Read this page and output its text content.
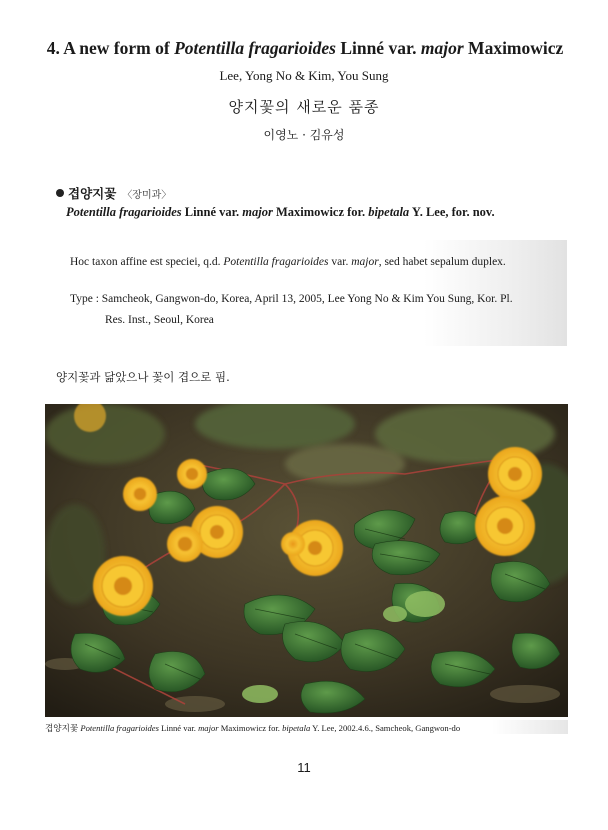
4. A new form of Potentilla fragarioides Linné var. major Maximowicz
Lee, Yong No & Kim, You Sung
양지꽃의 새로운 품종
이영노 · 김유성
겹양지꽃 〈장미과〉
Potentilla fragarioides Linné var. major Maximowicz for. bipetala Y. Lee, for. nov.
Hoc taxon affine est speciei, q.d. Potentilla fragarioides var. major, sed habet sepalum duplex.
Type : Samcheok, Gangwon-do, Korea, April 13, 2005, Lee Yong No & Kim You Sung, Kor. Pl.
Res. Inst., Seoul, Korea
양지꽃과 닮았으나 꽃이 겹으로 핌.
겹양지꽃 Potentilla fragarioides Linné var. major Maximowicz for. bipetala Y. Lee, 2002.4.6., Samcheok, Gangwon-do
11
